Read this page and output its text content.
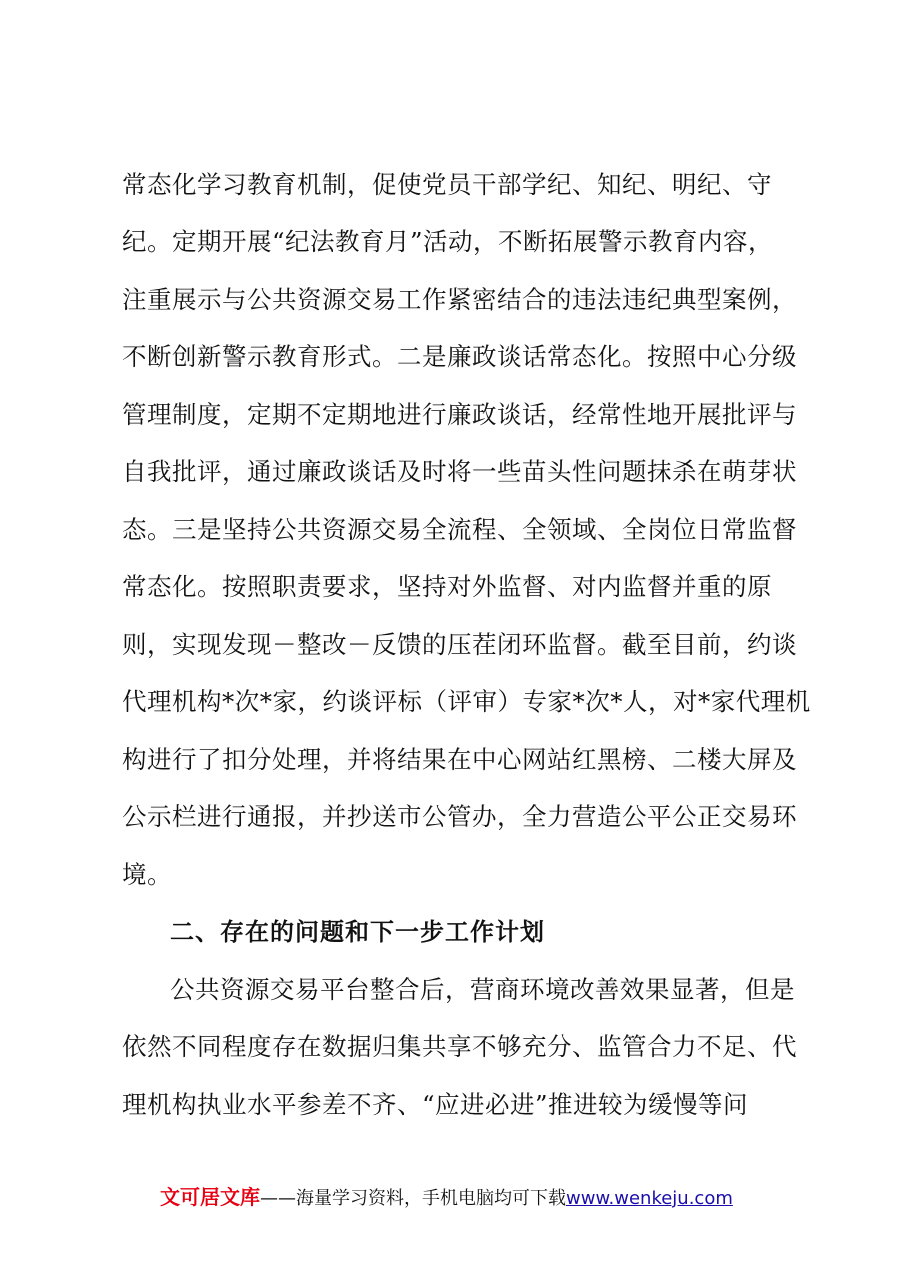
常态化学习教育机制，促使党员干部学纪、知纪、明纪、守
纪。定期开展“纪法教育月”活动，不断拓展警示教育内容，
注重展示与公共资源交易工作紧密结合的违法违纪典型案例，
不断创新警示教育形式。二是廉政谈话常态化。按照中心分级
管理制度，定期不定期地进行廉政谈话，经常性地开展批评与
自我批评，通过廉政谈话及时将一些苗头性问题抹杀在萌芽状
态。三是坚持公共资源交易全流程、全领域、全岗位日常监督
常态化。按照职责要求，坚持对外监督、对内监督并重的原
则，实现发现－整改－反馈的压茬闭环监督。截至目前，约谈
代理机构*次*家，约谈评标（评审）专家*次*人，对*家代理机
构进行了扣分处理，并将结果在中心网站红黑榜、二楼大屏及
公示栏进行通报，并抄送市公管办，全力营造公平公正交易环
境。
二、存在的问题和下一步工作计划
公共资源交易平台整合后，营商环境改善效果显著，但是
依然不同程度存在数据归集共享不够充分、监管合力不足、代
理机构执业水平参差不齐、“应进必进”推进较为缓慢等问
文可居文库——海量学习资料，手机电脑均可下载www.wenkeju.com
